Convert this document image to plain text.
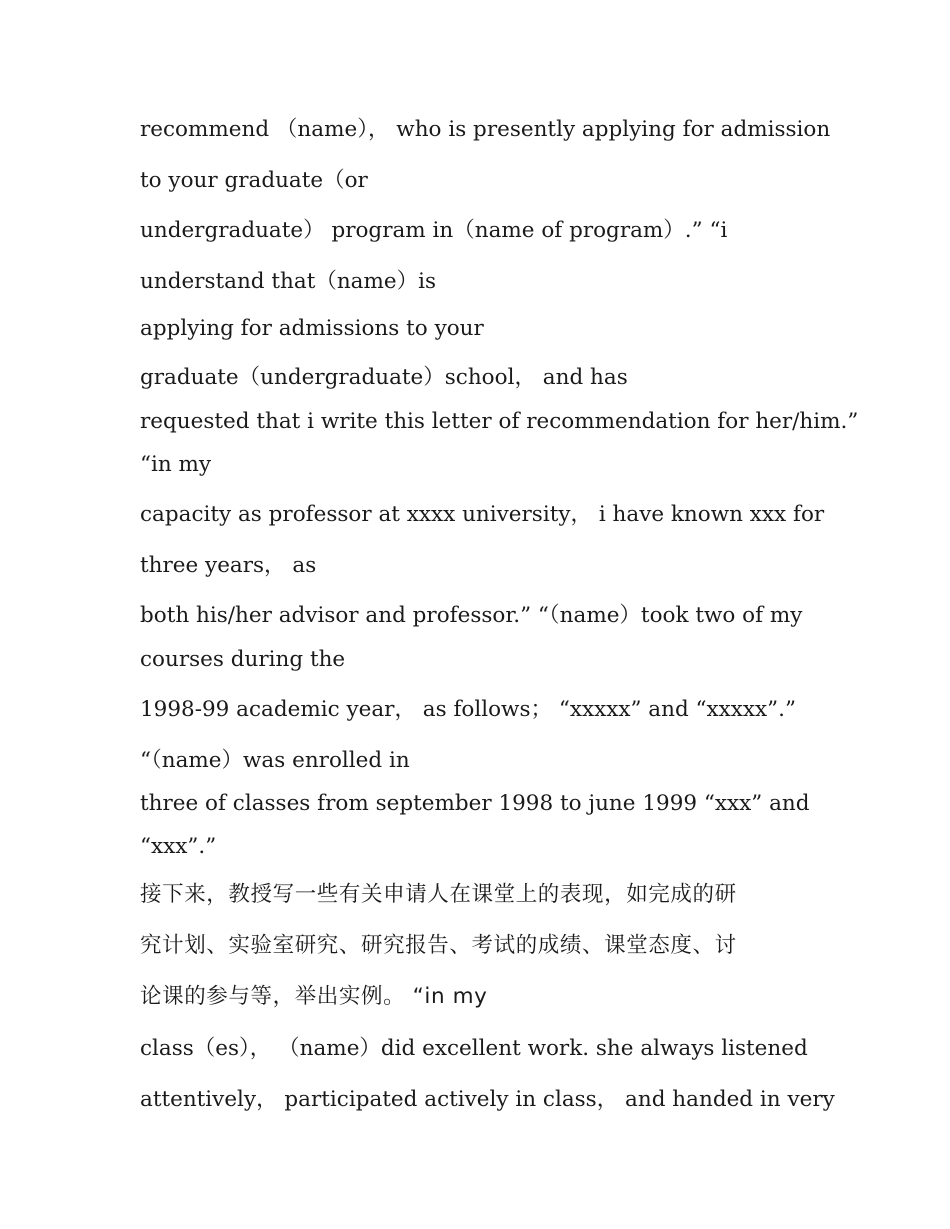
recommend （name）， who is presently applying for admission
to your graduate（or
undergraduate） program in（name of program）.” “i
understand that（name）is
applying for admissions to your
graduate（undergraduate）school， and has
requested that i write this letter of recommendation for her/him.”
“in my
capacity as professor at xxxx university， i have known xxx for
three years， as
both his/her advisor and professor.” “（name）took two of my
courses during the
1998-99 academic year， as follows； “xxxxx” and “xxxxx”.”
“（name）was enrolled in
three of classes from september 1998 to june 1999 “xxx” and
“xxx”.”
接下来，教授写一些有关申请人在课堂上的表现，如完成的研
究计划、实验室研究、研究报告、考试的成绩、课堂态度、讨
论课的参与等，举出实例。 “in my
class（es）， （name）did excellent work. she always listened
attentively， participated actively in class， and handed in very
